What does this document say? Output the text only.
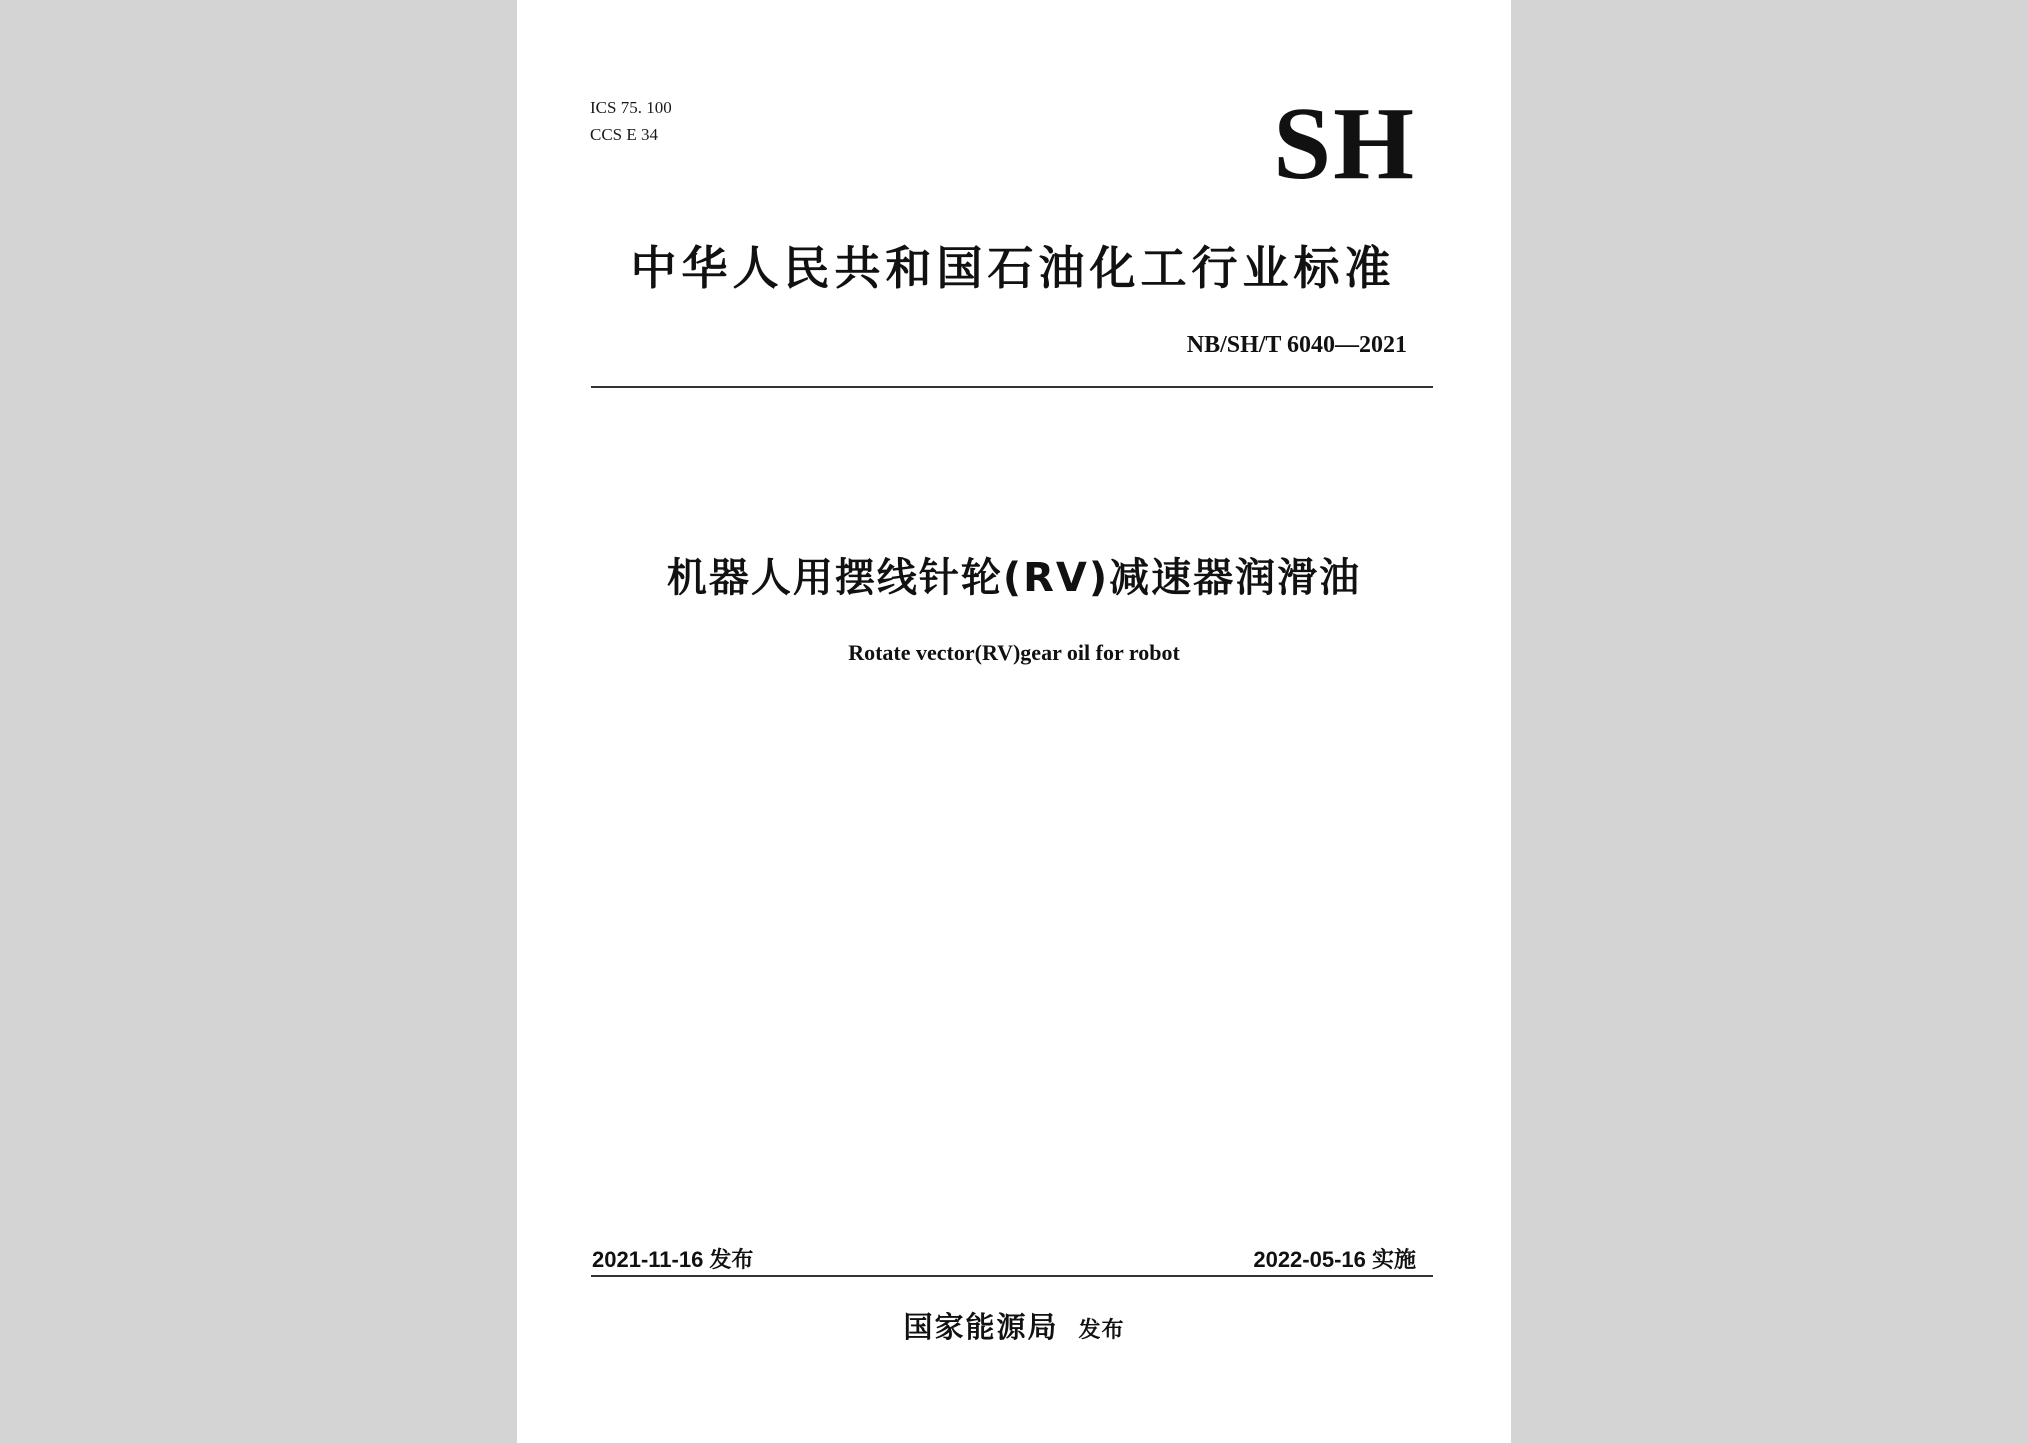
ICS 75. 100
CCS E 34	SH
中华人民共和国石油化工行业标准
NB/SH/T 6040—2021
机器人用摆线针轮(RV)减速器润滑油
Rotate vector(RV)gear oil for robot
2021-11-16 发布	2022-05-16 实施
国家能源局 发布
